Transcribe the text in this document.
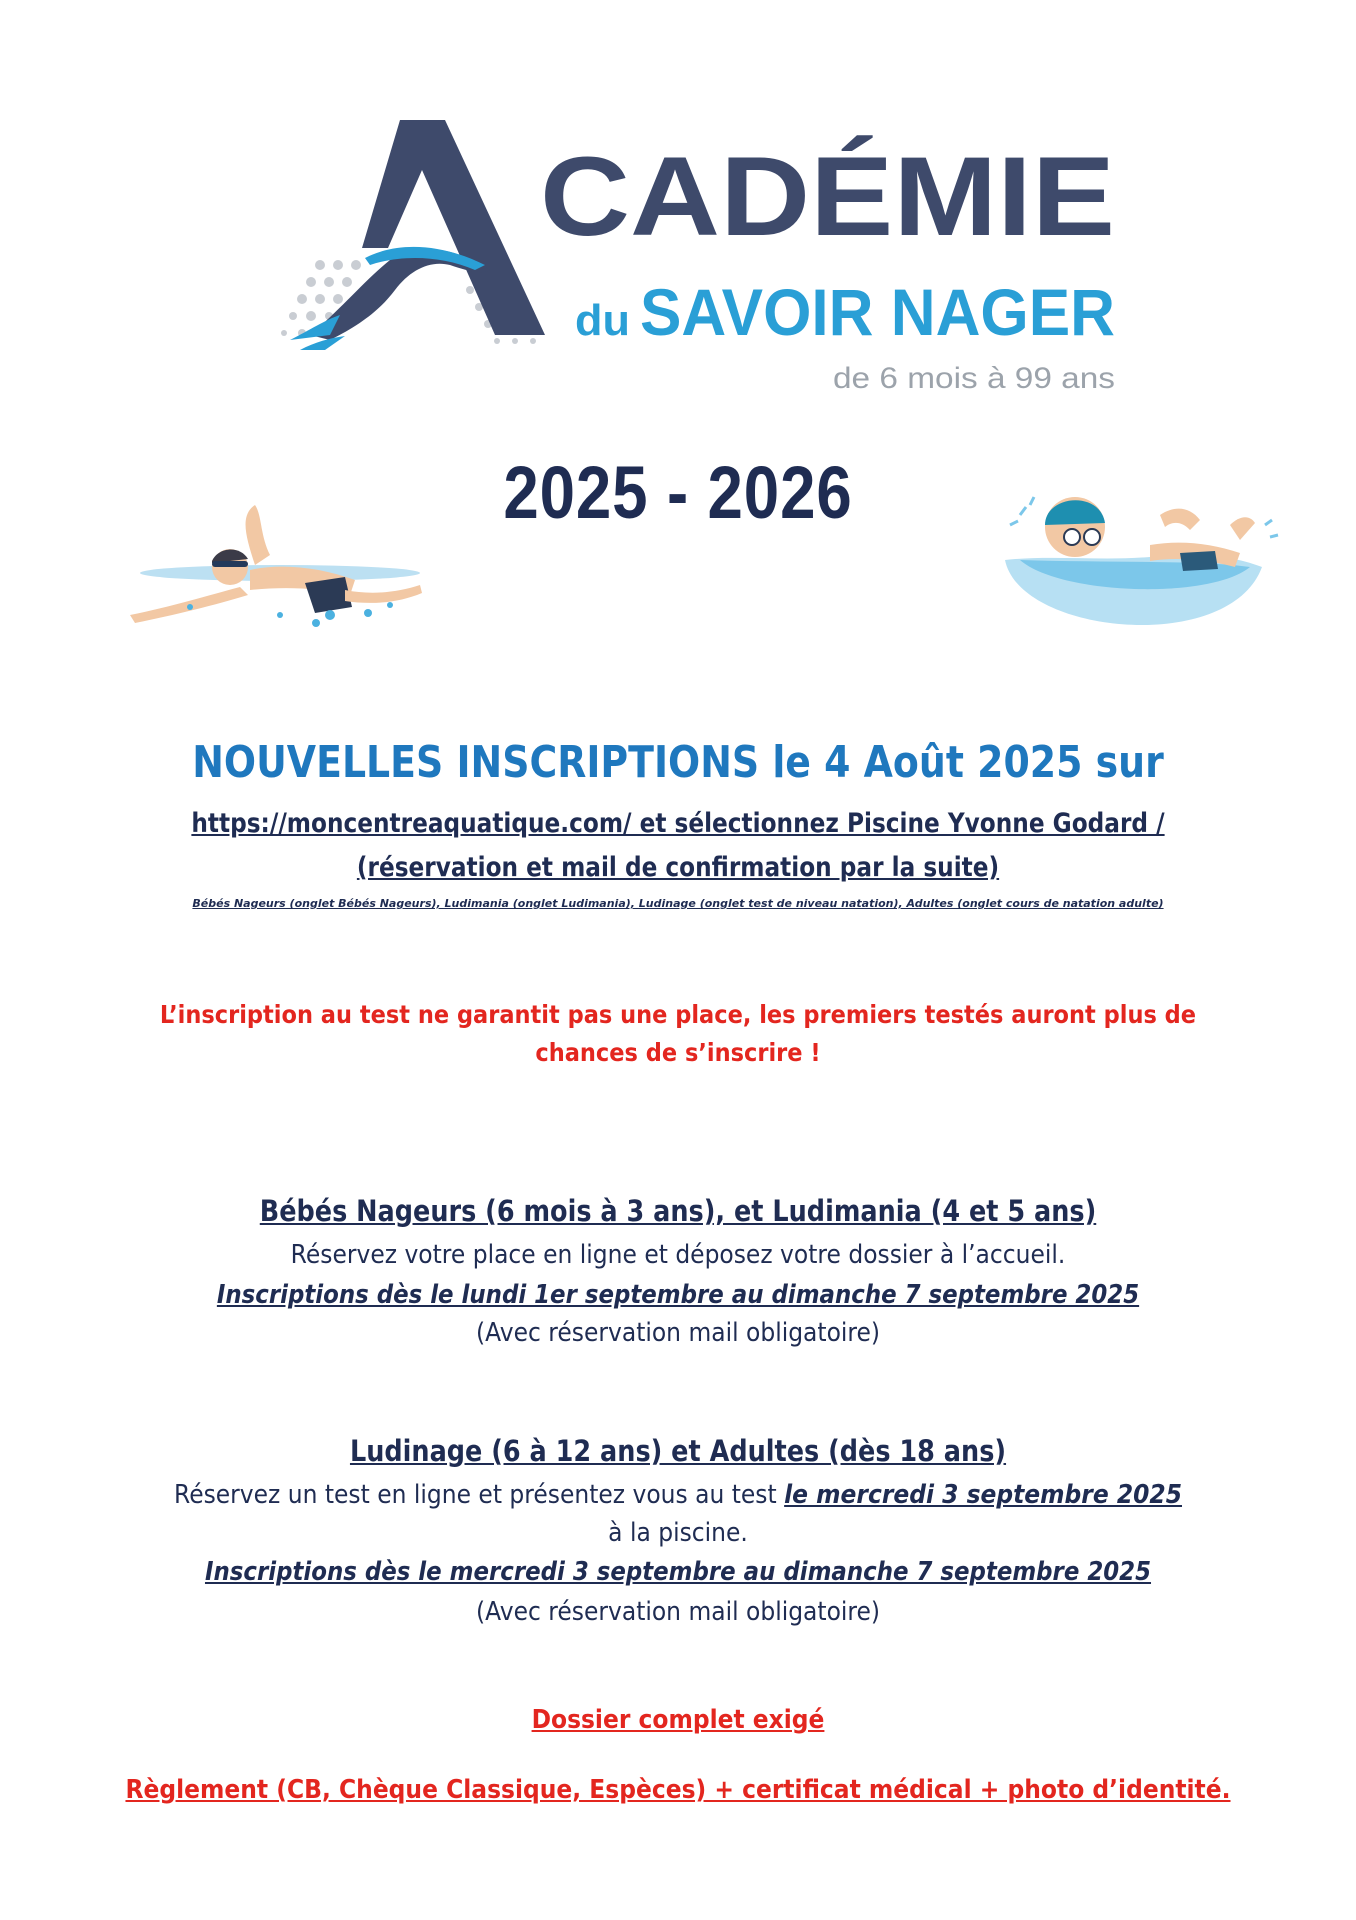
CADÉMIE
du SAVOIR NAGER
de 6 mois à 99 ans
2025 - 2026
NOUVELLES INSCRIPTIONS le 4 Août 2025 sur
https://moncentreaquatique.com/ et sélectionnez Piscine Yvonne Godard /
(réservation et mail de confirmation par la suite)
Bébés Nageurs (onglet Bébés Nageurs), Ludimania (onglet Ludimania), Ludinage (onglet test de niveau natation), Adultes (onglet cours de natation adulte)
L’inscription au test ne garantit pas une place, les premiers testés auront plus de
chances de s’inscrire !
Bébés Nageurs (6 mois à 3 ans), et Ludimania (4 et 5 ans)
Réservez votre place en ligne et déposez votre dossier à l’accueil.
Inscriptions dès le lundi 1er septembre au dimanche 7 septembre 2025
(Avec réservation mail obligatoire)
Ludinage (6 à 12 ans) et Adultes (dès 18 ans)
Réservez un test en ligne et présentez vous au test le mercredi 3 septembre 2025
à la piscine.
Inscriptions dès le mercredi 3 septembre au dimanche 7 septembre 2025
(Avec réservation mail obligatoire)
Dossier complet exigé
Règlement (CB, Chèque Classique, Espèces) + certificat médical + photo d’identité.
